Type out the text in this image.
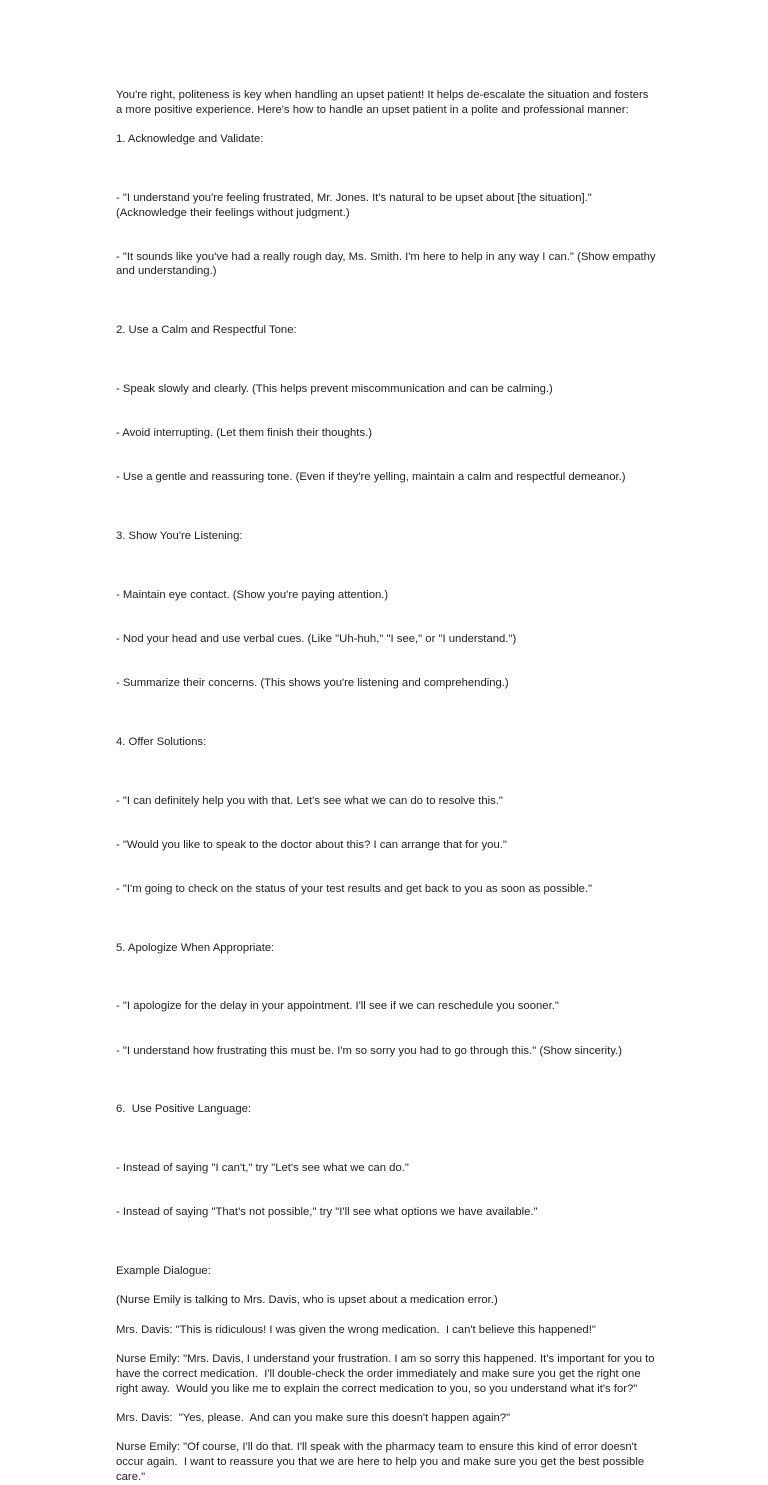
You're right, politeness is key when handling an upset patient! It helps de-escalate the situation and fosters a more positive experience. Here's how to handle an upset patient in a polite and professional manner:
1. Acknowledge and Validate:

- "I understand you're feeling frustrated, Mr. Jones. It's natural to be upset about [the situation]." (Acknowledge their feelings without judgment.)

- "It sounds like you've had a really rough day, Ms. Smith. I'm here to help in any way I can." (Show empathy and understanding.)

2. Use a Calm and Respectful Tone:

- Speak slowly and clearly. (This helps prevent miscommunication and can be calming.)

- Avoid interrupting. (Let them finish their thoughts.)

- Use a gentle and reassuring tone. (Even if they're yelling, maintain a calm and respectful demeanor.)

3. Show You're Listening:

- Maintain eye contact. (Show you're paying attention.)

- Nod your head and use verbal cues. (Like "Uh-huh," "I see," or "I understand.")

- Summarize their concerns. (This shows you're listening and comprehending.)

4. Offer Solutions:

- "I can definitely help you with that. Let's see what we can do to resolve this."

- "Would you like to speak to the doctor about this? I can arrange that for you."

- "I'm going to check on the status of your test results and get back to you as soon as possible."

5. Apologize When Appropriate:

- "I apologize for the delay in your appointment. I'll see if we can reschedule you sooner."

- "I understand how frustrating this must be. I'm so sorry you had to go through this." (Show sincerity.)

6.  Use Positive Language:

- Instead of saying "I can't," try "Let's see what we can do."

- Instead of saying "That's not possible," try "I'll see what options we have available."

Example Dialogue:
(Nurse Emily is talking to Mrs. Davis, who is upset about a medication error.)
Mrs. Davis: "This is ridiculous! I was given the wrong medication.  I can't believe this happened!"
Nurse Emily: "Mrs. Davis, I understand your frustration. I am so sorry this happened. It's important for you to have the correct medication.  I'll double-check the order immediately and make sure you get the right one right away.  Would you like me to explain the correct medication to you, so you understand what it's for?"
Mrs. Davis:  "Yes, please.  And can you make sure this doesn't happen again?"
Nurse Emily: "Of course, I'll do that. I'll speak with the pharmacy team to ensure this kind of error doesn't occur again.  I want to reassure you that we are here to help you and make sure you get the best possible care."
